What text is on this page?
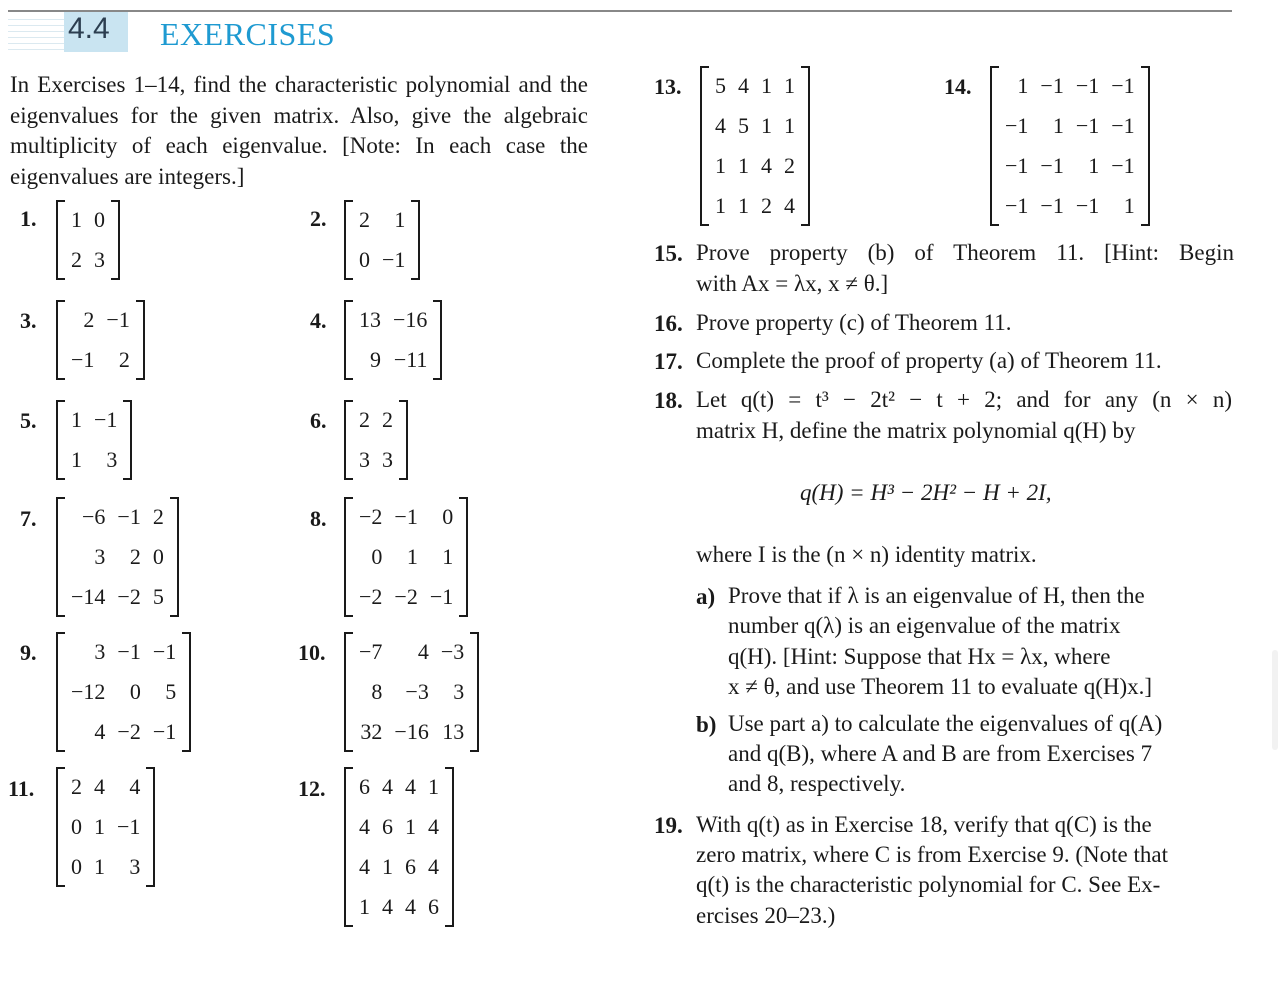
4.4 EXERCISES
In Exercises 1–14, find the characteristic polynomial and the eigenvalues for the given matrix. Also, give the algebraic multiplicity of each eigenvalue. [Note: In each case the eigenvalues are integers.]
1. 1	0
2	3
2. 2	1
0	−1
3. 2	−1
−1	2
4. 13	−16
9	−11
5. 1	−1
1	3
6. 2	2
3	3
7. −6	−1	2
3	2	0
−14	−2	5
8. −2	−1	0
0	1	1
−2	−2	−1
9.	3	−1	−1
−12	0	5
4	−2	−1
10. −7	4	−3
8	−3	3
32	−16	13
11. 2	4	4
0	1	−1
0	1	3
12. 6	4	4	1
4	6	1	4
4	1	6	4
1	4	4	6
13. 5	4	1	1
4	5	1	1
1	1	4	2
1	1	2	4
14. 1	−1	−1	−1
−1	1	−1	−1
−1	−1	1	−1
−1	−1	−1	1
15. Prove property (b) of Theorem 11. [Hint: Begin
with Ax = λx, x ≠ θ.]
16. Prove property (c) of Theorem 11.
17. Complete the proof of property (a) of Theorem 11.
18. Let q(t) = t³ − 2t² − t + 2; and for any (n × n)
matrix H, define the matrix polynomial q(H) by
q(H) = H³ − 2H² − H + 2I,
where I is the (n × n) identity matrix.
a) Prove that if λ is an eigenvalue of H, then the
number q(λ) is an eigenvalue of the matrix
q(H). [Hint: Suppose that Hx = λx, where
x ≠ θ, and use Theorem 11 to evaluate q(H)x.]
b) Use part a) to calculate the eigenvalues of q(A)
and q(B), where A and B are from Exercises 7
and 8, respectively.
19. With q(t) as in Exercise 18, verify that q(C) is the
zero matrix, where C is from Exercise 9. (Note that
q(t) is the characteristic polynomial for C. See Ex-
ercises 20–23.)
